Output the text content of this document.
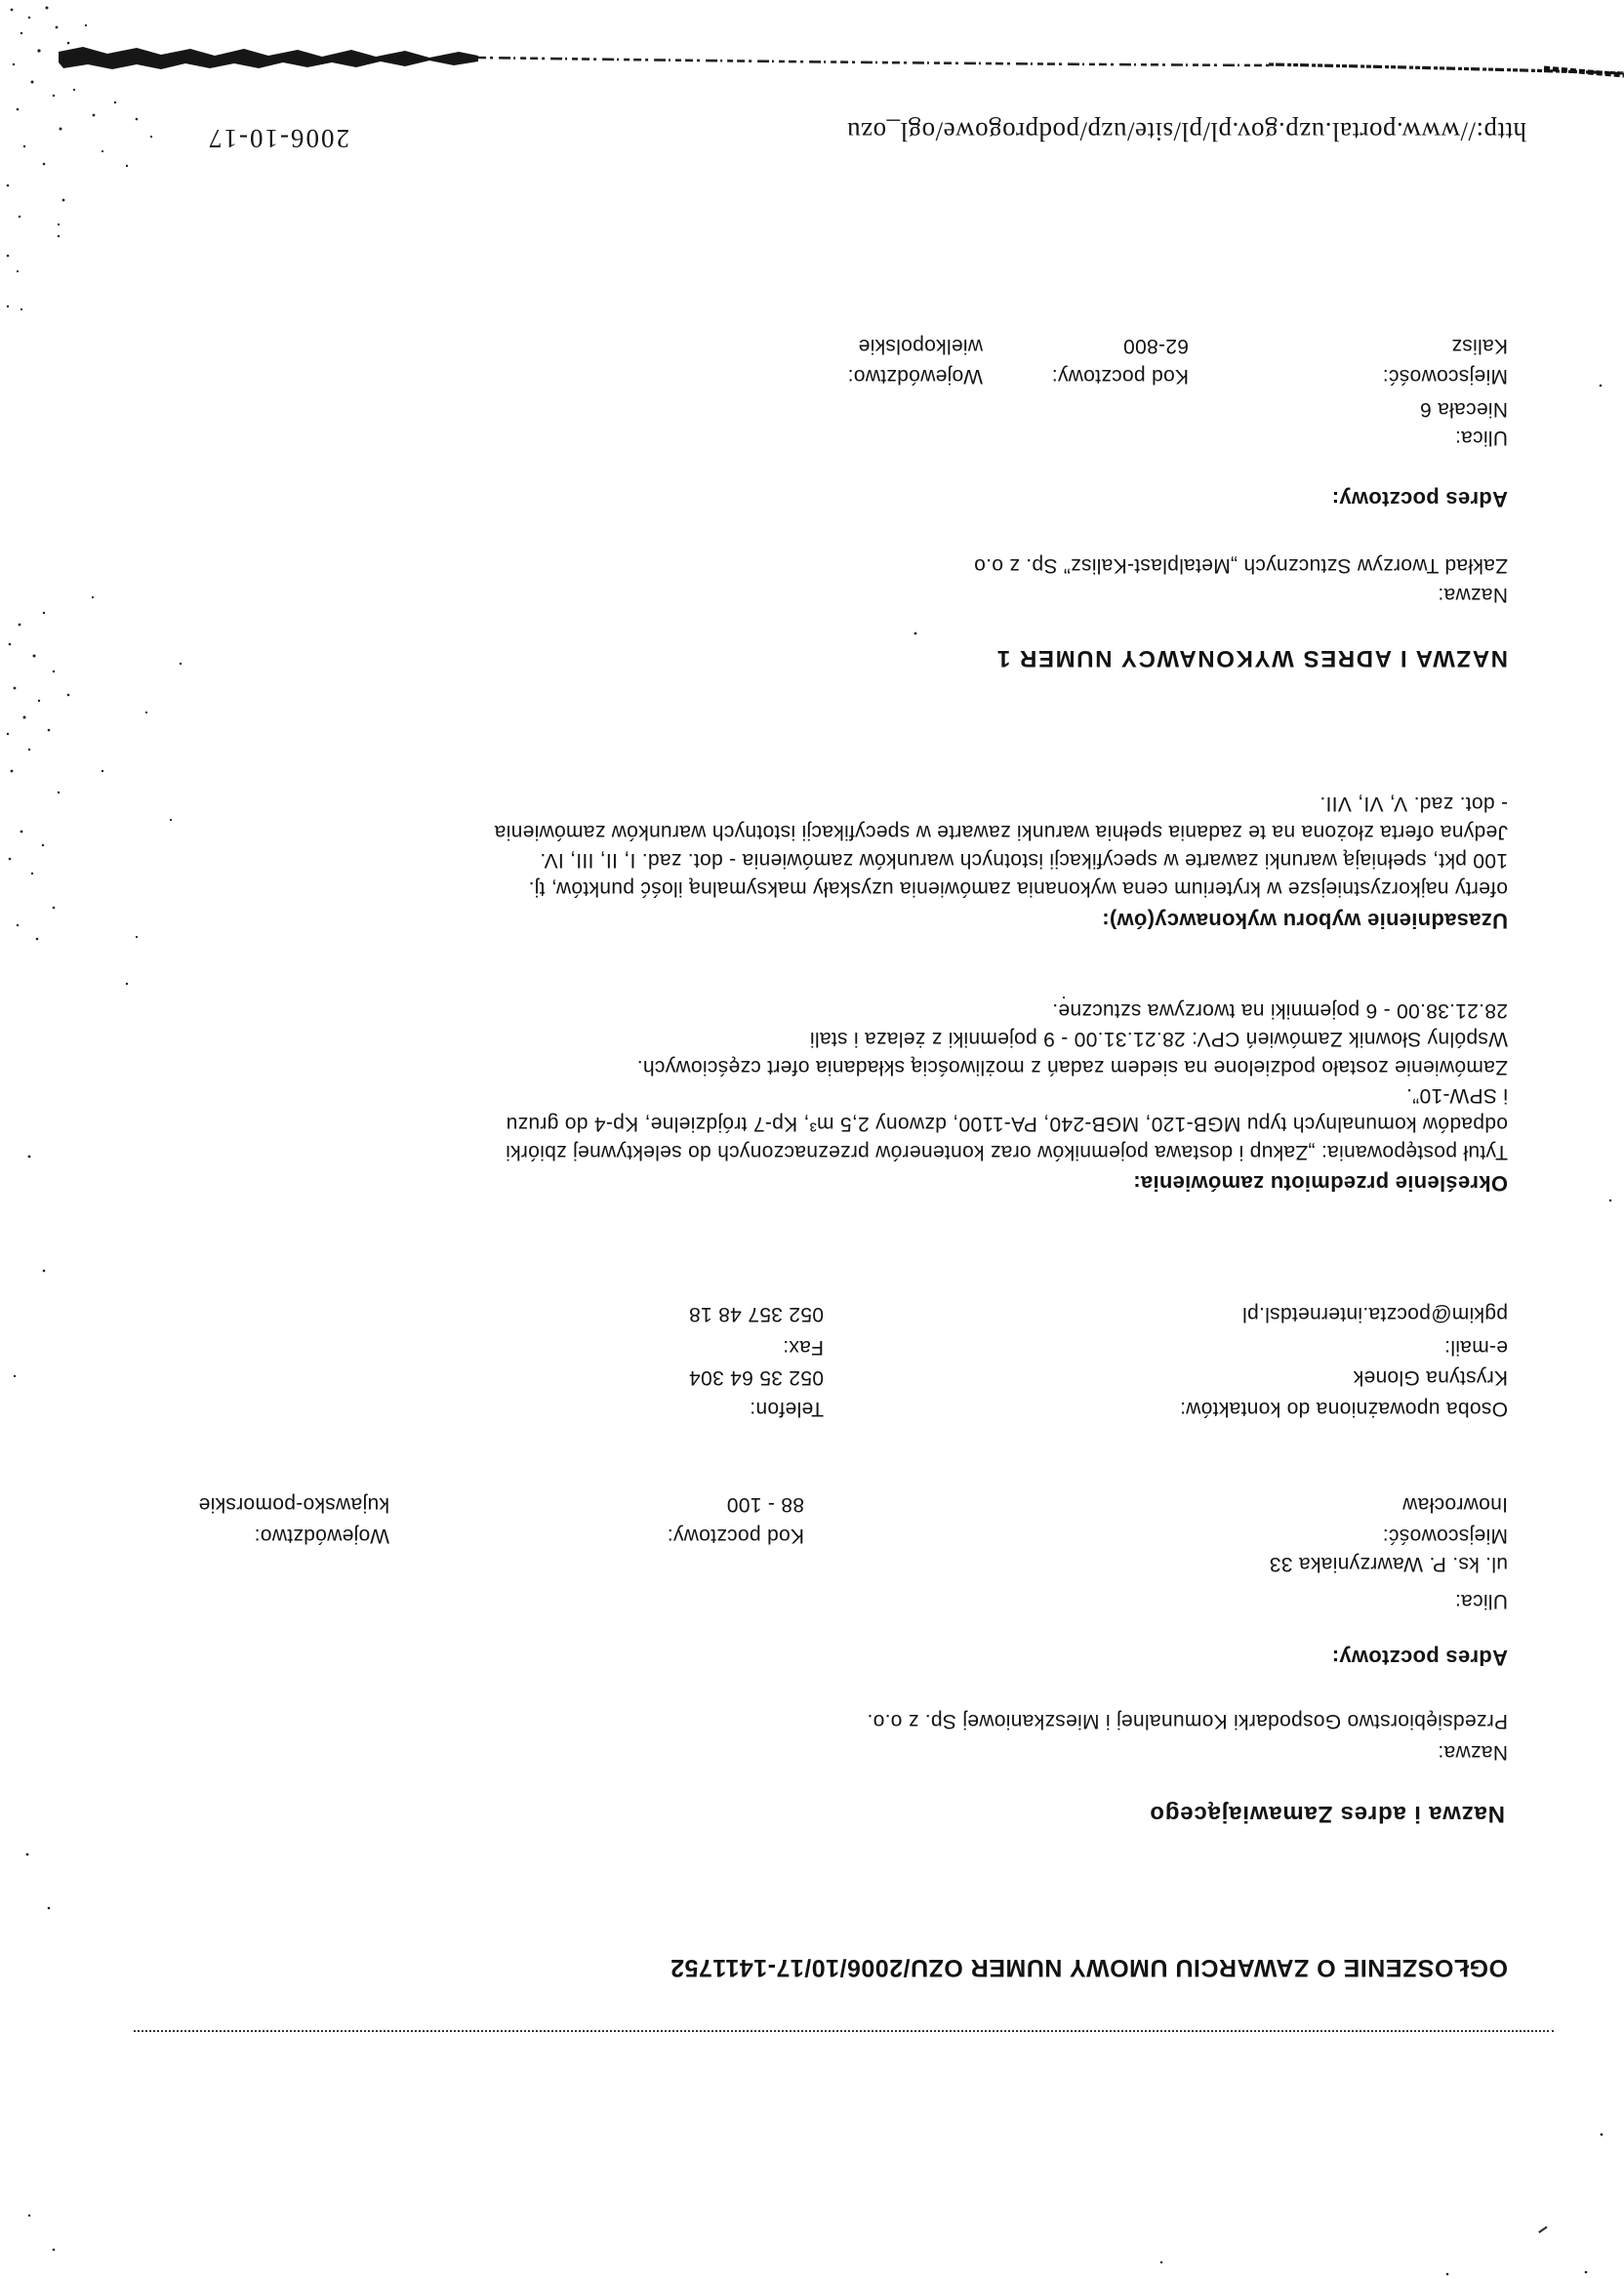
OGŁOSZENIE O ZAWARCIU UMOWY NUMER OZU/2006/10/17-1411752
Nazwa i adres Zamawiającego
Nazwa:
Przedsiębiorstwo Gospodarki Komunalnej i Mieszkaniowej Sp. z o.o.
Adres pocztowy:
Ulica:
ul. ks. P. Wawrzyniaka 33
Miejscowość:
Kod pocztowy:
Województwo:
Inowrocław
88 - 100
kujawsko-pomorskie
Osoba upoważniona do kontaktów:
Telefon:
Krystyna Glonek
052 35 64 304
e-mail:
Fax:
pgkim@poczta.internetdsl.pl
052 357 48 18
Określenie przedmiotu zamówienia:
Tytuł postępowania: „Zakup i dostawa pojemników oraz kontenerów przeznaczonych do selektywnej zbiórki
odpadów komunalnych typu MGB-120, MGB-240, PA-1100, dzwony 2,5 m³, Kp-7 trójdzielne, Kp-4 do gruzu
i SPW-10”.
Zamówienie zostało podzielone na siedem zadań z możliwością składania ofert częściowych.
Wspólny Słownik Zamówień CPV: 28.21.31.00 - 9 pojemniki z żelaza i stali
28.21.38.00 - 6 pojemniki na tworzywa sztuczne.
Uzasadnienie wyboru wykonawcy(ów):
oferty najkorzystniejsze w kryterium cena wykonania zamówienia uzyskały maksymalną ilość punktów, tj.
100 pkt, spełniają warunki zawarte w specyfikacji istotnych warunków zamówienia - dot. zad. I, II, III, IV.
Jedyna oferta złożona na te zadania spełnia warunki zawarte w specyfikacji istotnych warunków zamówienia
- dot. zad. V, VI, VII.
NAZWA I ADRES WYKONAWCY NUMER 1
Nazwa:
Zakład Tworzyw Sztucznych „Metalplast-Kalisz” Sp. z o.o
Adres pocztowy:
Ulica:
Niecała 6
Miejscowość:
Kod pocztowy:
Województwo:
Kalisz
62-800
wielkopolskie
http://www.portal.uzp.gov.pl/pl/site/uzp/podprogowe/ogl_ozu
2006-10-17
